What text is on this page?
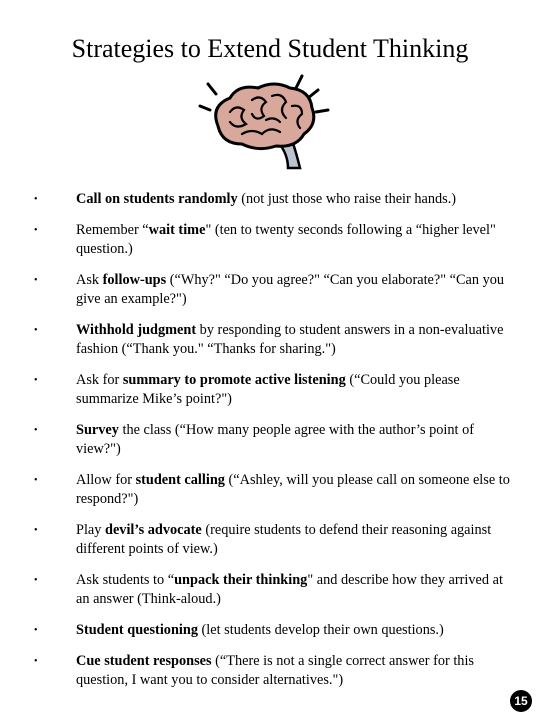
Strategies to Extend Student Thinking
•	Call on students randomly (not just those who raise their hands.)
•	Remember “wait time" (ten to twenty seconds following a “higher level" question.)
•	Ask follow-ups (“Why?" “Do you agree?" “Can you elaborate?" “Can you give an example?")
•	Withhold judgment by responding to student answers in a non-evaluative fashion (“Thank you." “Thanks for sharing.")
•	Ask for summary to promote active listening (“Could you please summarize Mike’s point?")
•	Survey the class (“How many people agree with the author’s point of view?")
•	Allow for student calling (“Ashley, will you please call on someone else to respond?")
•	Play devil’s advocate (require students to defend their reasoning against different points of view.)
•	Ask students to “unpack their thinking" and describe how they arrived at an answer (Think-aloud.)
•	Student questioning (let students develop their own questions.)
•	Cue student responses (“There is not a single correct answer for this question, I want you to consider alternatives.")
15
